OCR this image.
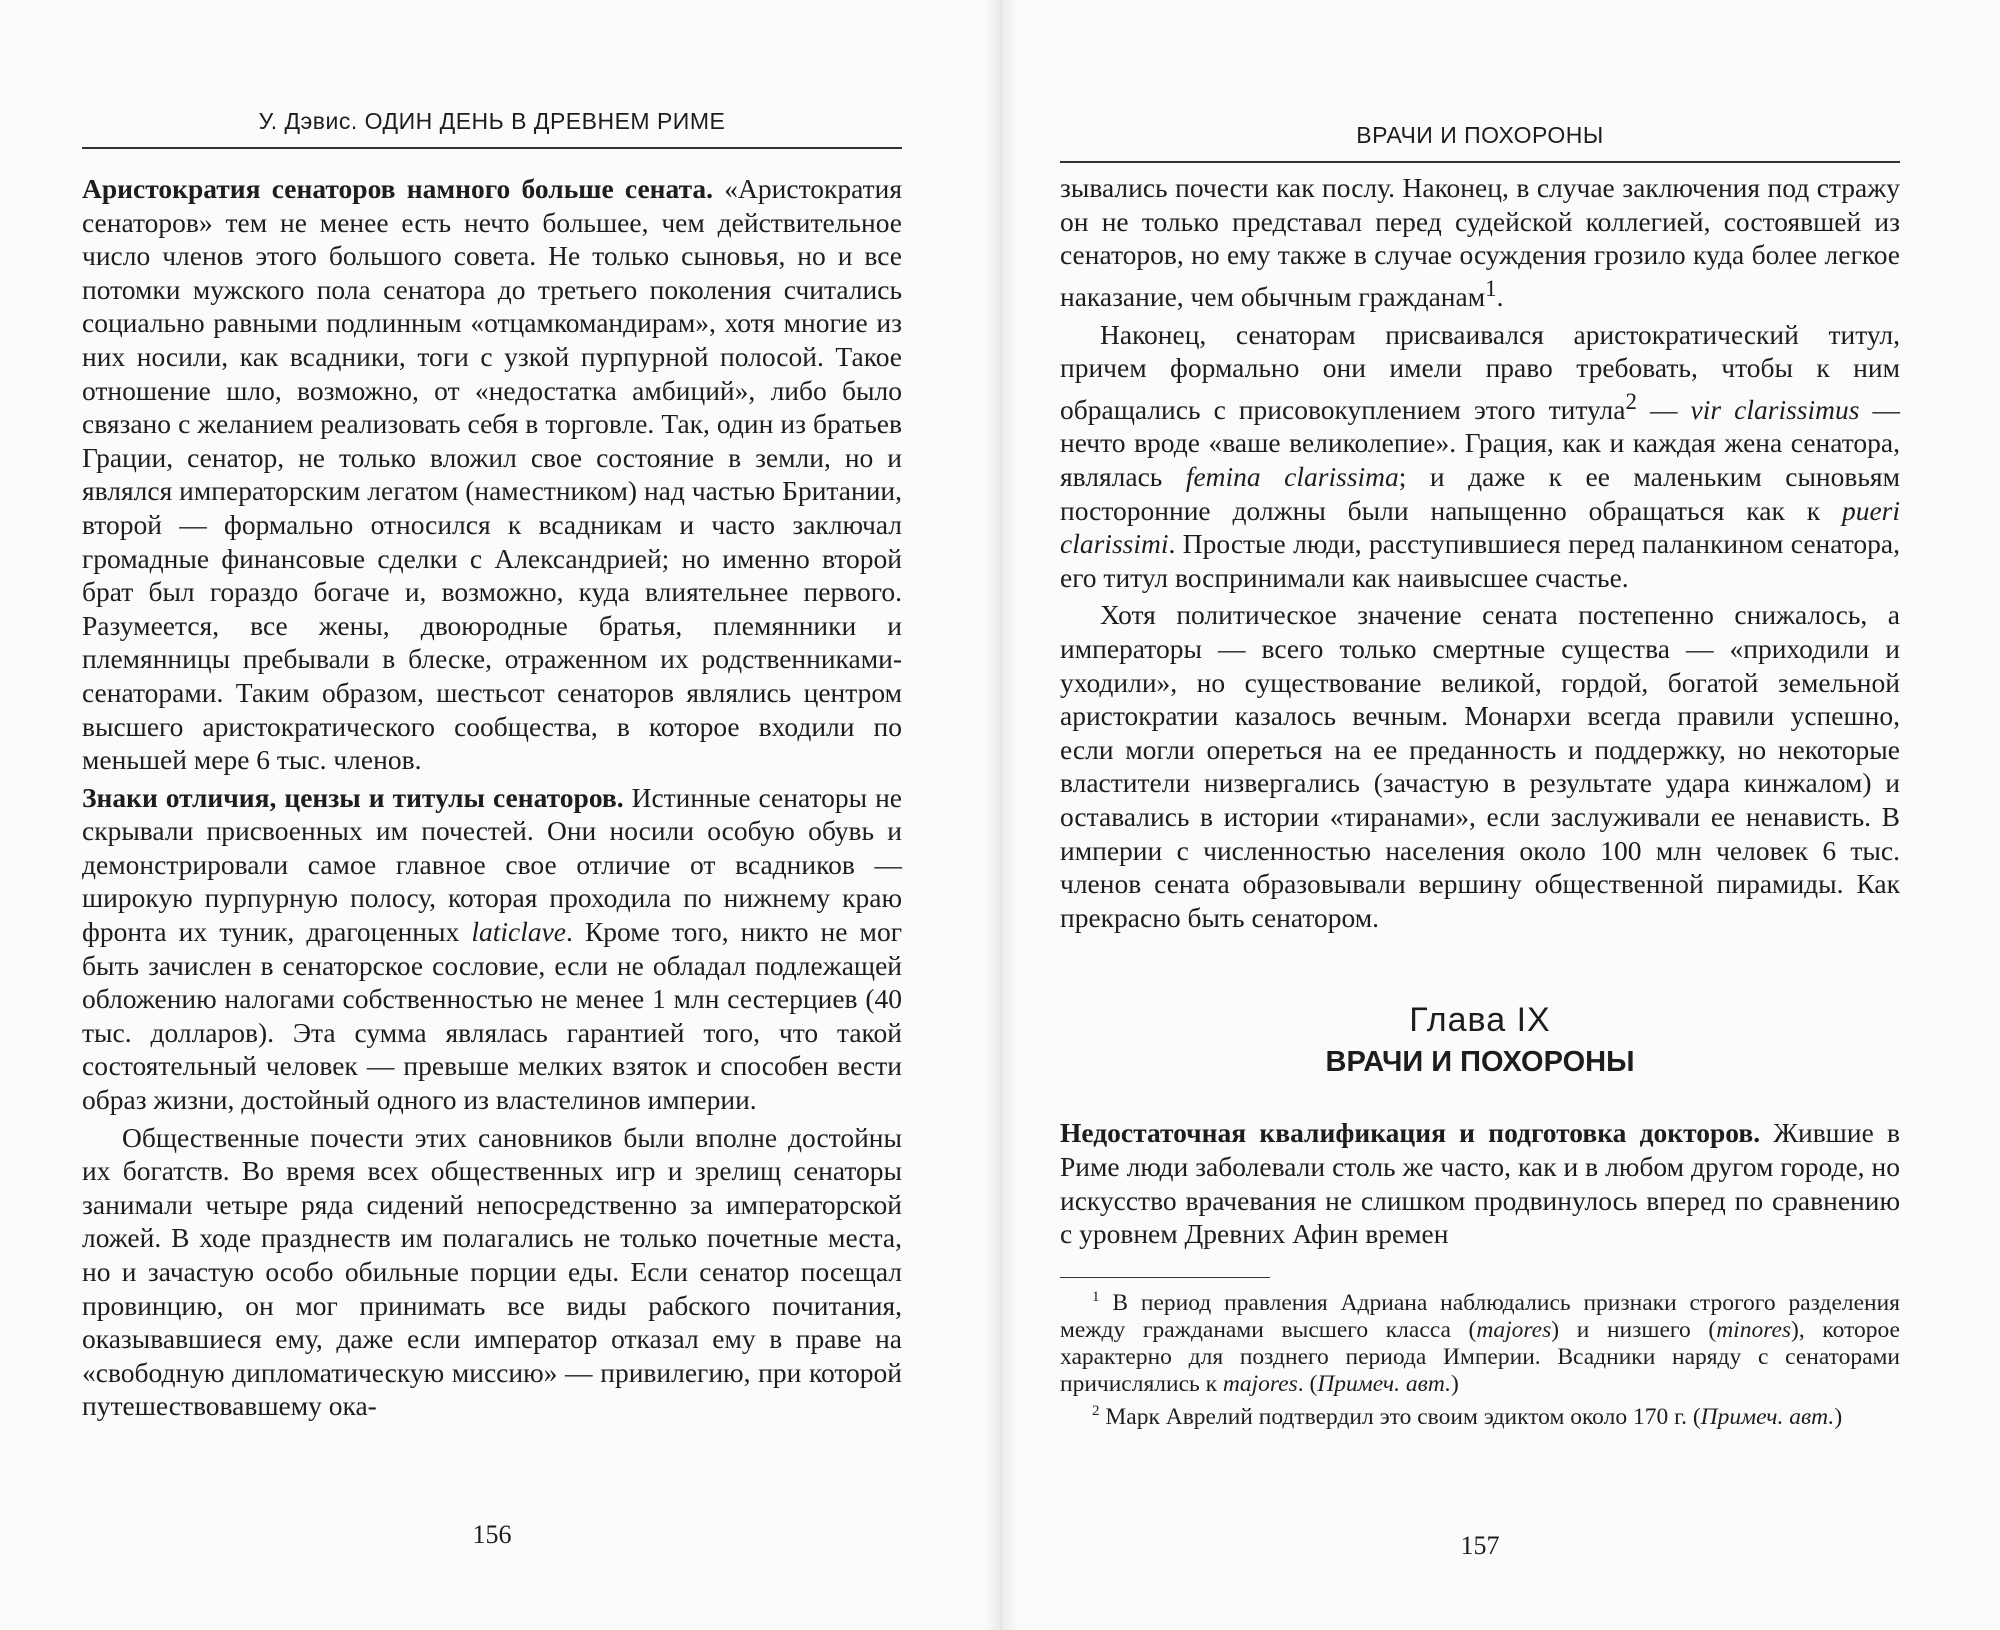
У. Дэвис. ОДИН ДЕНЬ В ДРЕВНЕМ РИМЕ

Аристократия сенаторов намного больше сената. «Аристократия сенаторов» тем не менее есть нечто большее, чем действительное число членов этого большого совета. Не только сыновья, но и все потомки мужского пола сенатора до третьего поколения считались социально равными подлинным «отцамкомандирам», хотя многие из них носили, как всадники, тоги с узкой пурпурной полосой. Такое отношение шло, возможно, от «недостатка амбиций», либо было связано с желанием реализовать себя в торговле. Так, один из братьев Грации, сенатор, не только вложил свое состояние в земли, но и являлся императорским легатом (наместником) над частью Британии, второй — формально относился к всадникам и часто заключал громадные финансовые сделки с Александрией; но именно второй брат был гораздо богаче и, возможно, куда влиятельнее первого. Разумеется, все жены, двоюродные братья, племянники и племянницы пребывали в блеске, отраженном их родственниками-сенаторами. Таким образом, шестьсот сенаторов являлись центром высшего аристократического сообщества, в которое входили по меньшей мере 6 тыс. членов.

Знаки отличия, цензы и титулы сенаторов. Истинные сенаторы не скрывали присвоенных им почестей. Они носили особую обувь и демонстрировали самое главное свое отличие от всадников — широкую пурпурную полосу, которая проходила по нижнему краю фронта их туник, драгоценных laticlave. Кроме того, никто не мог быть зачислен в сенаторское сословие, если не обладал подлежащей обложению налогами собственностью не менее 1 млн сестерциев (40 тыс. долларов). Эта сумма являлась гарантией того, что такой состоятельный человек — превыше мелких взяток и способен вести образ жизни, достойный одного из властелинов империи.

Общественные почести этих сановников были вполне достойны их богатств. Во время всех общественных игр и зрелищ сенаторы занимали четыре ряда сидений непосредственно за императорской ложей. В ходе празднеств им полагались не только почетные места, но и зачастую особо обильные порции еды. Если сенатор посещал провинцию, он мог принимать все виды рабского почитания, оказывавшиеся ему, даже если император отказал ему в праве на «свободную дипломатическую миссию» — привилегию, при которой путешествовавшему ока-

156
ВРАЧИ И ПОХОРОНЫ

зывались почести как послу. Наконец, в случае заключения под стражу он не только представал перед судейской коллегией, состоявшей из сенаторов, но ему также в случае осуждения грозило куда более легкое наказание, чем обычным гражданам$^1$.

Наконец, сенаторам присваивался аристократический титул, причем формально они имели право требовать, чтобы к ним обращались с присовокуплением этого титула$^2$ — vir clarissimus — нечто вроде «ваше великолепие». Грация, как и каждая жена сенатора, являлась femina clarissima; и даже к ее маленьким сыновьям посторонние должны были напыщенно обращаться как к pueri clarissimi. Простые люди, расступившиеся перед паланкином сенатора, его титул воспринимали как наивысшее счастье.

Хотя политическое значение сената постепенно снижалось, а императоры — всего только смертные существа — «приходили и уходили», но существование великой, гордой, богатой земельной аристократии казалось вечным. Монархи всегда правили успешно, если могли опереться на ее преданность и поддержку, но некоторые властители низвергались (зачастую в результате удара кинжалом) и оставались в истории «тиранами», если заслуживали ее ненависть. В империи с численностью населения около 100 млн человек 6 тыс. членов сената образовывали вершину общественной пирамиды. Как прекрасно быть сенатором.

Глава IX
ВРАЧИ И ПОХОРОНЫ

Недостаточная квалификация и подготовка докторов. Жившие в Риме люди заболевали столь же часто, как и в любом другом городе, но искусство врачевания не слишком продвинулось вперед по сравнению с уровнем Древних Афин времен

$^1$ В период правления Адриана наблюдались признаки строгого разделения между гражданами высшего класса (majores) и низшего (minores), которое характерно для позднего периода Империи. Всадники наряду с сенаторами причислялись к majores. (Примеч. авт.)

$^2$ Марк Аврелий подтвердил это своим эдиктом около 170 г. (Примеч. авт.)

157
